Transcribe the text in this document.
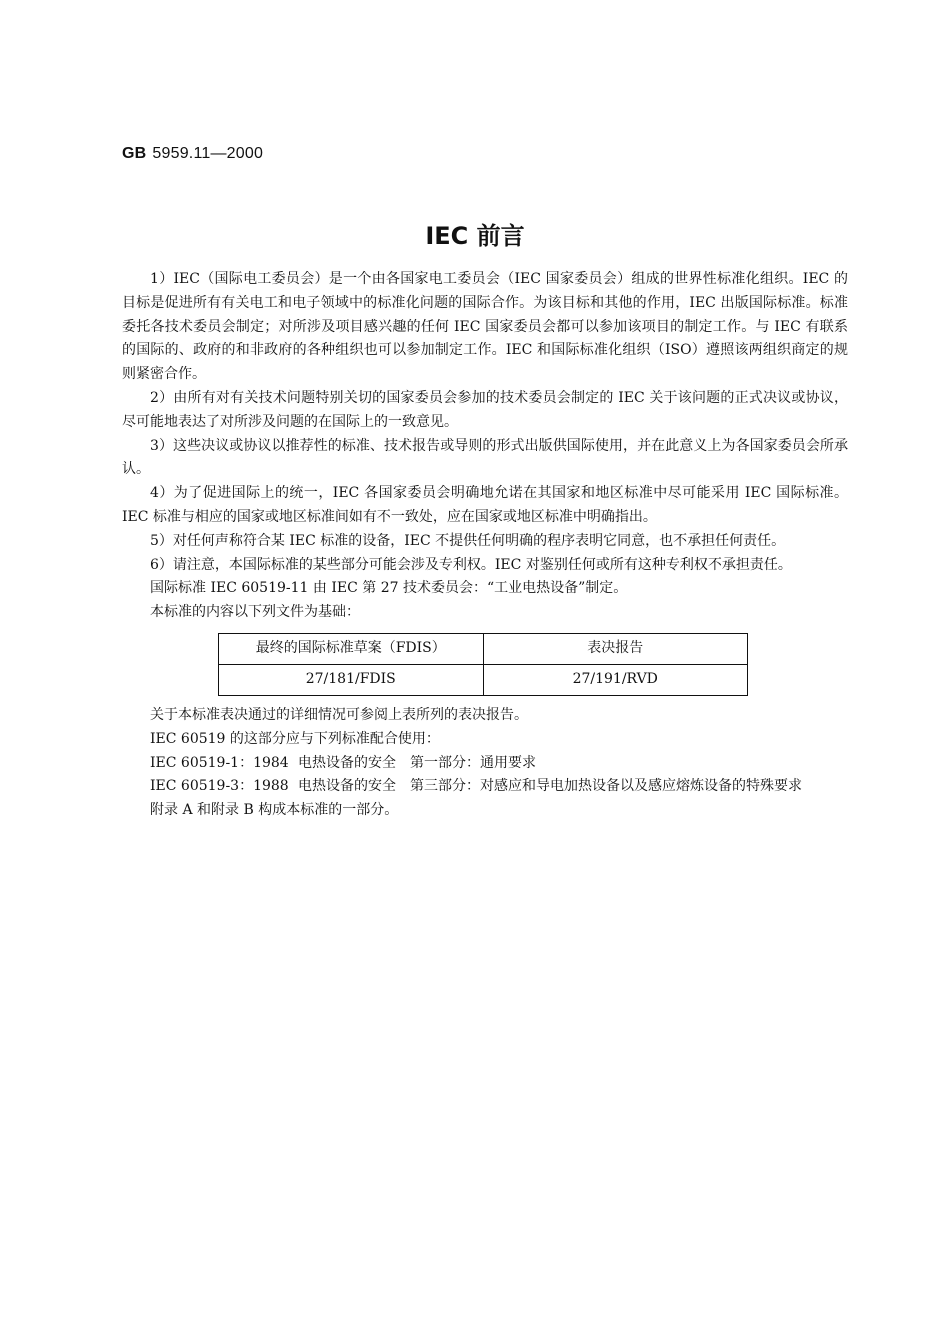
GB 5959.11—2000
IEC 前言

1）IEC（国际电工委员会）是一个由各国家电工委员会（IEC 国家委员会）组成的世界性标准化组织。IEC 的目标是促进所有有关电工和电子领域中的标准化问题的国际合作。为该目标和其他的作用，IEC 出版国际标准。标准委托各技术委员会制定；对所涉及项目感兴趣的任何 IEC 国家委员会都可以参加该项目的制定工作。与 IEC 有联系的国际的、政府的和非政府的各种组织也可以参加制定工作。IEC 和国际标准化组织（ISO）遵照该两组织商定的规则紧密合作。

2）由所有对有关技术问题特别关切的国家委员会参加的技术委员会制定的 IEC 关于该问题的正式决议或协议，尽可能地表达了对所涉及问题的在国际上的一致意见。

3）这些决议或协议以推荐性的标准、技术报告或导则的形式出版供国际使用，并在此意义上为各国家委员会所承认。

4）为了促进国际上的统一，IEC 各国家委员会明确地允诺在其国家和地区标准中尽可能采用 IEC 国际标准。IEC 标准与相应的国家或地区标准间如有不一致处，应在国家或地区标准中明确指出。

5）对任何声称符合某 IEC 标准的设备，IEC 不提供任何明确的程序表明它同意，也不承担任何责任。

6）请注意，本国际标准的某些部分可能会涉及专利权。IEC 对鉴别任何或所有这种专利权不承担责任。

国际标准 IEC 60519-11 由 IEC 第 27 技术委员会：“工业电热设备”制定。

本标准的内容以下列文件为基础：

最终的国际标准草案（FDIS）	表决报告
27/181/FDIS	27/191/RVD

关于本标准表决通过的详细情况可参阅上表所列的表决报告。

IEC 60519 的这部分应与下列标准配合使用：

IEC 60519-1：1984 电热设备的安全　第一部分：通用要求
IEC 60519-3：1988 电热设备的安全　第三部分：对感应和导电加热设备以及感应熔炼设备的特殊要求

附录 A 和附录 B 构成本标准的一部分。
